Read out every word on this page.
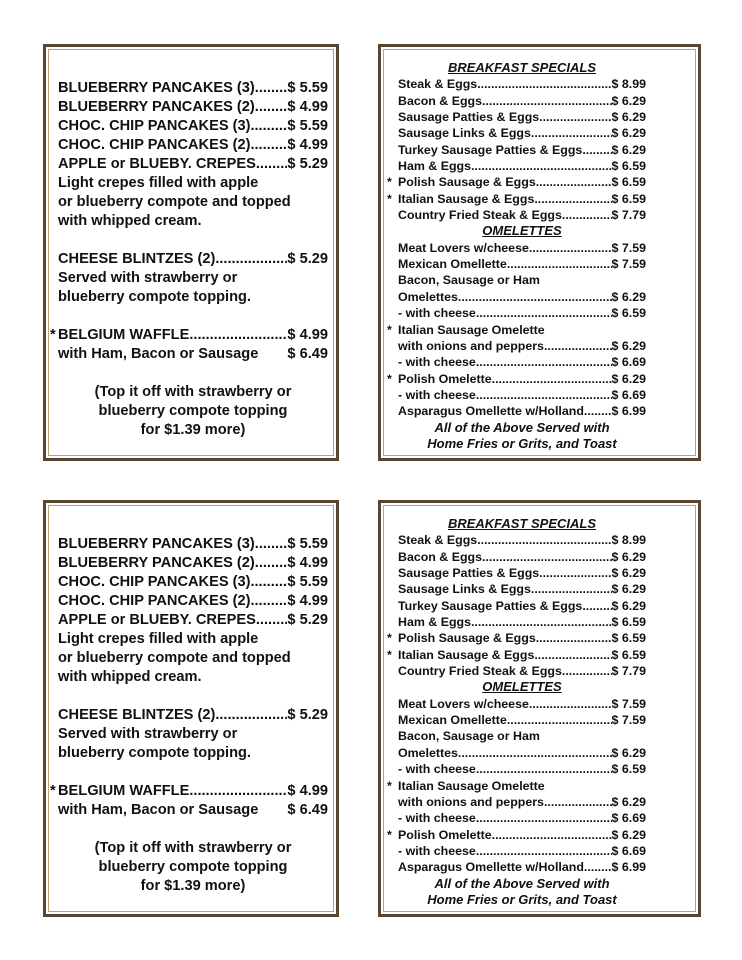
BLUEBERRY PANCAKES (3) ..... $ 5.59
BLUEBERRY PANCAKES (2) ..... $ 4.99
CHOC. CHIP PANCAKES (3) .....	$ 5.59
CHOC. CHIP PANCAKES (2) .....	$ 4.99
APPLE or BLUEBY. CREPES ..... $ 5.29
Light crepes filled with apple
or blueberry compote and topped
with whipped cream.
CHEESE BLINTZES (2) .....	$ 5.29
Served with strawberry or
blueberry compote topping.
* BELGIUM WAFFLE .....	$ 4.99
with Ham, Bacon or Sausage $ 6.49
(Top it off with strawberry or
blueberry compote topping
for $1.39 more)
BREAKFAST SPECIALS
Steak & Eggs .....	$ 8.99
Bacon & Eggs .....	$ 6.29
Sausage Patties & Eggs .....	$ 6.29
Sausage Links & Eggs .....	$ 6.29
Turkey Sausage Patties & Eggs ..... $ 6.29
Ham & Eggs .....	$ 6.59
* Polish Sausage & Eggs .....	$ 6.59
* Italian Sausage & Eggs .....	$ 6.59
Country Fried Steak & Eggs .....	$ 7.79
OMELETTES
Meat Lovers w/cheese .....	$ 7.59
Mexican Omellette .....	$ 7.59
Bacon, Sausage or Ham
Omelettes .....	$ 6.29
- with cheese .....	$ 6.59
* Italian Sausage Omelette
with onions and peppers .....	$ 6.29
- with cheese .....	$ 6.69
* Polish Omelette .....	$ 6.29
- with cheese .....	$ 6.69
Asparagus Omellette w/Holland. ..... $ 6.99
All of the Above Served with
Home Fries or Grits, and Toast
BLUEBERRY PANCAKES (3) ..... $ 5.59
BLUEBERRY PANCAKES (2) ..... $ 4.99
CHOC. CHIP PANCAKES (3) .....	$ 5.59
CHOC. CHIP PANCAKES (2) .....	$ 4.99
APPLE or BLUEBY. CREPES ..... $ 5.29
Light crepes filled with apple
or blueberry compote and topped
with whipped cream.
CHEESE BLINTZES (2) .....	$ 5.29
Served with strawberry or
blueberry compote topping.
* BELGIUM WAFFLE .....	$ 4.99
with Ham, Bacon or Sausage $ 6.49
(Top it off with strawberry or
blueberry compote topping
for $1.39 more)
BREAKFAST SPECIALS
Steak & Eggs .....	$ 8.99
Bacon & Eggs .....	$ 6.29
Sausage Patties & Eggs .....	$ 6.29
Sausage Links & Eggs .....	$ 6.29
Turkey Sausage Patties & Eggs ..... $ 6.29
Ham & Eggs .....	$ 6.59
* Polish Sausage & Eggs .....	$ 6.59
* Italian Sausage & Eggs .....	$ 6.59
Country Fried Steak & Eggs .....	$ 7.79
OMELETTES
Meat Lovers w/cheese .....	$ 7.59
Mexican Omellette .....	$ 7.59
Bacon, Sausage or Ham
Omelettes .....	$ 6.29
- with cheese .....	$ 6.59
* Italian Sausage Omelette
with onions and peppers .....	$ 6.29
- with cheese .....	$ 6.69
* Polish Omelette .....	$ 6.29
- with cheese .....	$ 6.69
Asparagus Omellette w/Holland. ..... $ 6.99
All of the Above Served with
Home Fries or Grits, and Toast
